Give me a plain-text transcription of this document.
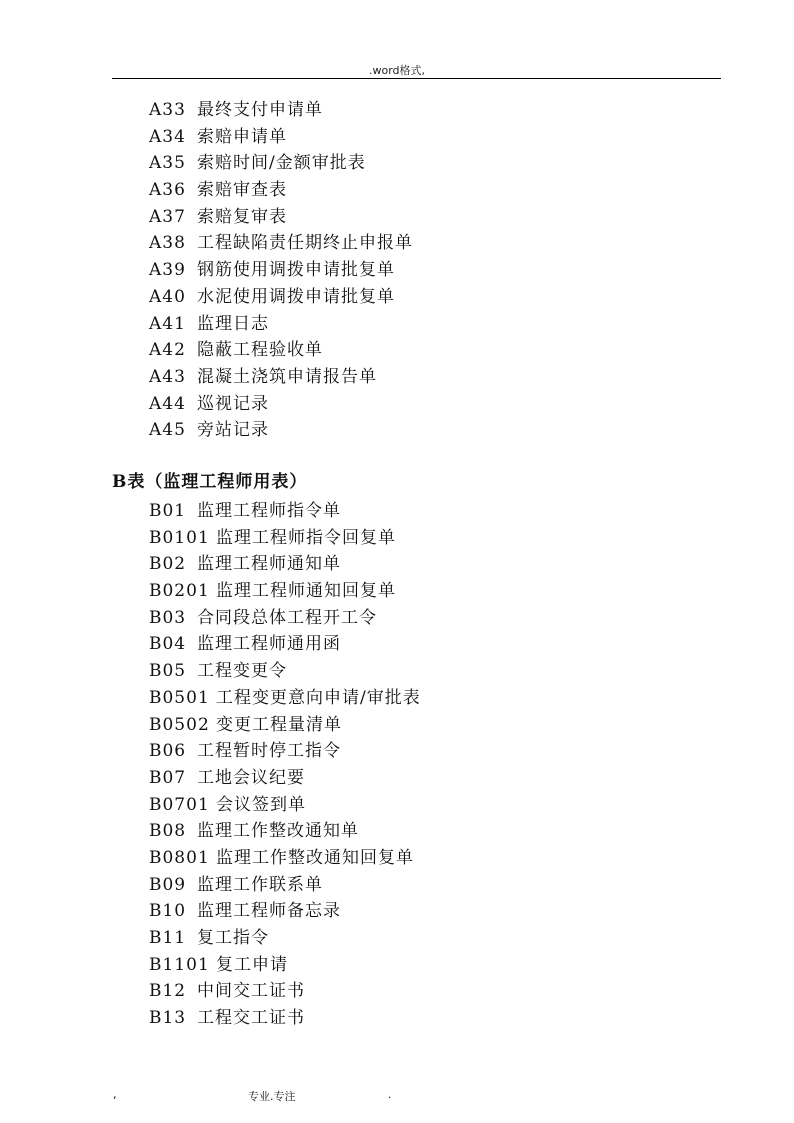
.word格式,
A33 最终支付申请单
A34 索赔申请单
A35 索赔时间/金额审批表
A36 索赔审查表
A37 索赔复审表
A38 工程缺陷责任期终止申报单
A39 钢筋使用调拨申请批复单
A40 水泥使用调拨申请批复单
A41 监理日志
A42 隐蔽工程验收单
A43 混凝土浇筑申请报告单
A44 巡视记录
A45 旁站记录
B表（监理工程师用表）
B01 监理工程师指令单
B0101 监理工程师指令回复单
B02 监理工程师通知单
B0201 监理工程师通知回复单
B03 合同段总体工程开工令
B04 监理工程师通用函
B05 工程变更令
B0501 工程变更意向申请/审批表
B0502 变更工程量清单
B06 工程暂时停工指令
B07 工地会议纪要
B0701 会议签到单
B08 监理工作整改通知单
B0801 监理工作整改通知回复单
B09 监理工作联系单
B10 监理工程师备忘录
B11 复工指令
B1101 复工申请
B12 中间交工证书
B13 工程交工证书
,	专业.专注	.
